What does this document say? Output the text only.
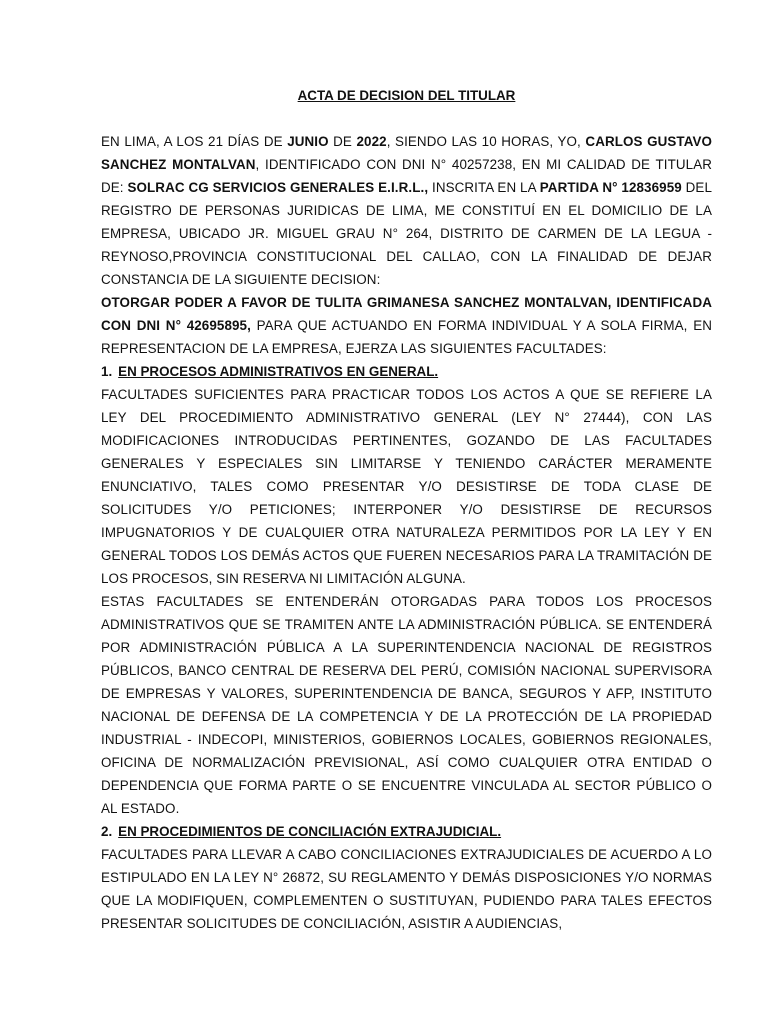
ACTA DE DECISION DEL TITULAR

EN LIMA, A LOS 21 DÍAS DE JUNIO DE 2022, SIENDO LAS 10 HORAS, YO, CARLOS GUSTAVO SANCHEZ MONTALVAN, IDENTIFICADO CON DNI N° 40257238, EN MI CALIDAD DE TITULAR DE: SOLRAC CG SERVICIOS GENERALES E.I.R.L., INSCRITA EN LA PARTIDA N° 12836959 DEL REGISTRO DE PERSONAS JURIDICAS DE LIMA, ME CONSTITUÍ EN EL DOMICILIO DE LA EMPRESA, UBICADO JR. MIGUEL GRAU N° 264, DISTRITO DE CARMEN DE LA LEGUA - REYNOSO,PROVINCIA CONSTITUCIONAL DEL CALLAO, CON LA FINALIDAD DE DEJAR CONSTANCIA DE LA SIGUIENTE DECISION:

OTORGAR PODER A FAVOR DE TULITA GRIMANESA SANCHEZ MONTALVAN, IDENTIFICADA CON DNI N° 42695895, PARA QUE ACTUANDO EN FORMA INDIVIDUAL Y A SOLA FIRMA, EN REPRESENTACION DE LA EMPRESA, EJERZA LAS SIGUIENTES FACULTADES:

1. EN PROCESOS ADMINISTRATIVOS EN GENERAL.

FACULTADES SUFICIENTES PARA PRACTICAR TODOS LOS ACTOS A QUE SE REFIERE LA LEY DEL PROCEDIMIENTO ADMINISTRATIVO GENERAL (LEY N° 27444), CON LAS MODIFICACIONES INTRODUCIDAS PERTINENTES, GOZANDO DE LAS FACULTADES GENERALES Y ESPECIALES SIN LIMITARSE Y TENIENDO CARÁCTER MERAMENTE ENUNCIATIVO, TALES COMO PRESENTAR Y/O DESISTIRSE DE TODA CLASE DE SOLICITUDES Y/O PETICIONES; INTERPONER Y/O DESISTIRSE DE RECURSOS IMPUGNATORIOS Y DE CUALQUIER OTRA NATURALEZA PERMITIDOS POR LA LEY Y EN GENERAL TODOS LOS DEMÁS ACTOS QUE FUEREN NECESARIOS PARA LA TRAMITACIÓN DE LOS PROCESOS, SIN RESERVA NI LIMITACIÓN ALGUNA.

ESTAS FACULTADES SE ENTENDERÁN OTORGADAS PARA TODOS LOS PROCESOS ADMINISTRATIVOS QUE SE TRAMITEN ANTE LA ADMINISTRACIÓN PÚBLICA. SE ENTENDERÁ POR ADMINISTRACIÓN PÚBLICA A LA SUPERINTENDENCIA NACIONAL DE REGISTROS PÚBLICOS, BANCO CENTRAL DE RESERVA DEL PERÚ, COMISIÓN NACIONAL SUPERVISORA DE EMPRESAS Y VALORES, SUPERINTENDENCIA DE BANCA, SEGUROS Y AFP, INSTITUTO NACIONAL DE DEFENSA DE LA COMPETENCIA Y DE LA PROTECCIÓN DE LA PROPIEDAD INDUSTRIAL - INDECOPI, MINISTERIOS, GOBIERNOS LOCALES, GOBIERNOS REGIONALES, OFICINA DE NORMALIZACIÓN PREVISIONAL, ASÍ COMO CUALQUIER OTRA ENTIDAD O DEPENDENCIA QUE FORMA PARTE O SE ENCUENTRE VINCULADA AL SECTOR PÚBLICO O AL ESTADO.

2. EN PROCEDIMIENTOS DE CONCILIACIÓN EXTRAJUDICIAL.

FACULTADES PARA LLEVAR A CABO CONCILIACIONES EXTRAJUDICIALES DE ACUERDO A LO ESTIPULADO EN LA LEY N° 26872, SU REGLAMENTO Y DEMÁS DISPOSICIONES Y/O NORMAS QUE LA MODIFIQUEN, COMPLEMENTEN O SUSTITUYAN, PUDIENDO PARA TALES EFECTOS PRESENTAR SOLICITUDES DE CONCILIACIÓN, ASISTIR A AUDIENCIAS,
